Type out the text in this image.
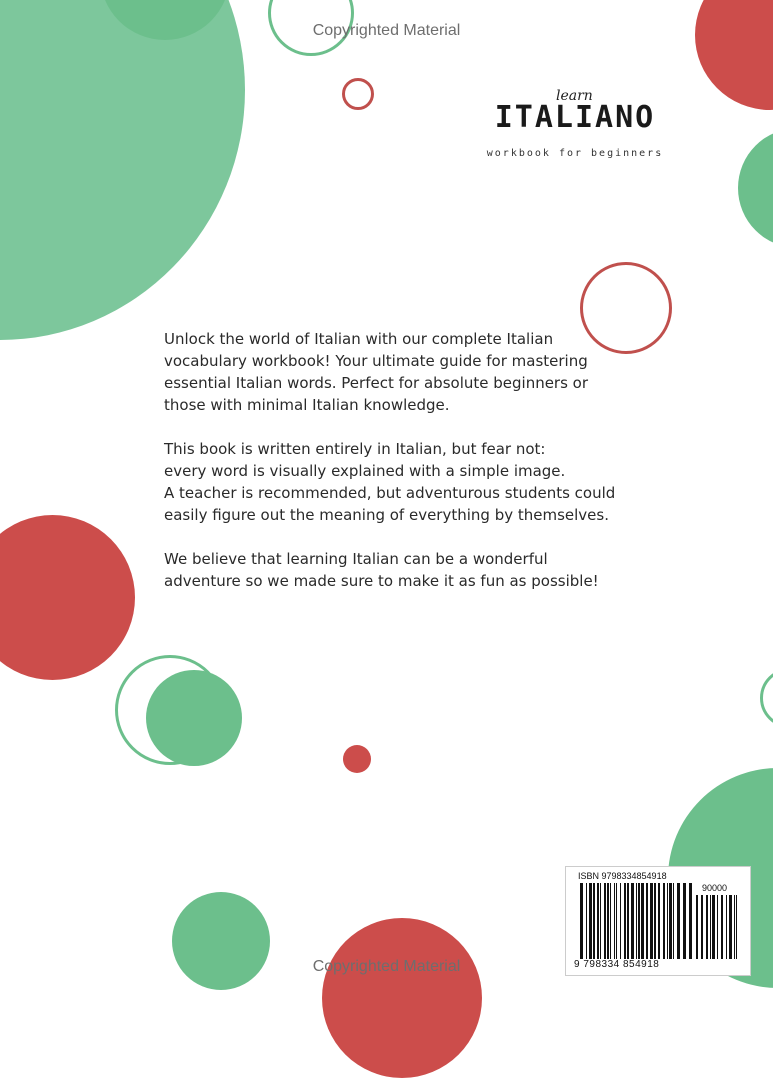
Copyrighted Material
Copyrighted Material
learn
ITALIANO
workbook for beginners

Unlock the world of Italian with our complete Italian
vocabulary workbook! Your ultimate guide for mastering
essential Italian words. Perfect for absolute beginners or
those with minimal Italian knowledge.

This book is written entirely in Italian, but fear not:
every word is visually explained with a simple image.
A teacher is recommended, but adventurous students could
easily figure out the meaning of everything by themselves.

We believe that learning Italian can be a wonderful
adventure so we made sure to make it as fun as possible!

ISBN 9798334854918
90000
9 798334 854918
